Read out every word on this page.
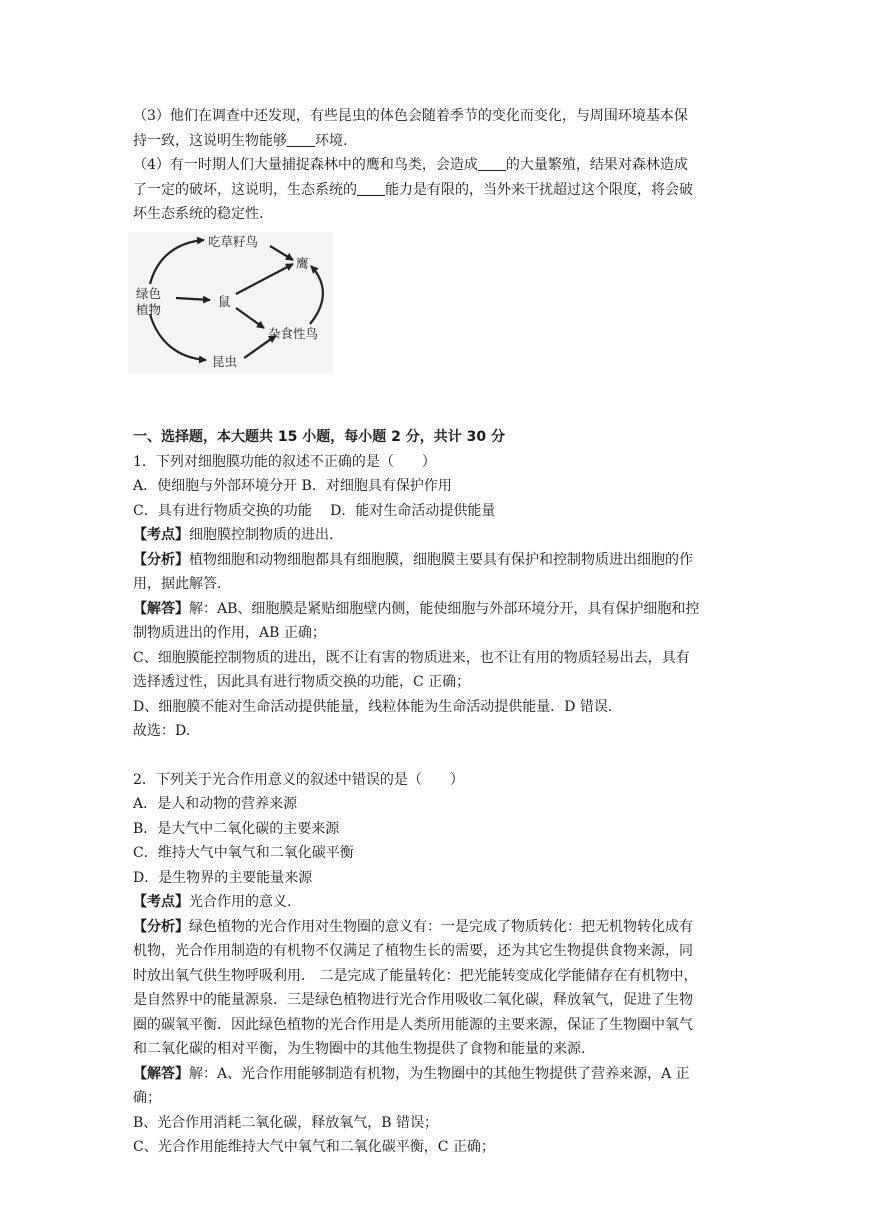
（3）他们在调查中还发现，有些昆虫的体色会随着季节的变化而变化，与周围环境基本保

持一致，这说明生物能够 环境.

（4）有一时期人们大量捕捉森林中的鹰和鸟类，会造成 的大量繁殖，结果对森林造成

了一定的破坏，这说明，生态系统的 能力是有限的，当外来干扰超过这个限度，将会破

坏生态系统的稳定性.

吃草籽鸟
鹰
绿色
植物
鼠
杂食性鸟
昆虫

一、选择题，本大题共 15 小题，每小题 2 分，共计 30 分

1．下列对细胞膜功能的叙述不正确的是（　　）

A．使细胞与外部环境分开 B．对细胞具有保护作用

C．具有进行物质交换的功能　 D．能对生命活动提供能量

【考点】细胞膜控制物质的进出.

【分析】植物细胞和动物细胞都具有细胞膜，细胞膜主要具有保护和控制物质进出细胞的作

用，据此解答.

【解答】解：AB、细胞膜是紧贴细胞壁内侧，能使细胞与外部环境分开，具有保护细胞和控

制物质进出的作用，AB 正确；

C、细胞膜能控制物质的进出，既不让有害的物质进来，也不让有用的物质轻易出去，具有

选择透过性，因此具有进行物质交换的功能，C 正确；

D、细胞膜不能对生命活动提供能量，线粒体能为生命活动提供能量．D 错误.

故选：D.

2．下列关于光合作用意义的叙述中错误的是（　　）

A．是人和动物的营养来源

B．是大气中二氧化碳的主要来源

C．维持大气中氧气和二氧化碳平衡

D．是生物界的主要能量来源

【考点】光合作用的意义.

【分析】绿色植物的光合作用对生物圈的意义有：一是完成了物质转化：把无机物转化成有

机物，光合作用制造的有机物不仅满足了植物生长的需要，还为其它生物提供食物来源，同

时放出氧气供生物呼吸利用． 二是完成了能量转化：把光能转变成化学能储存在有机物中，

是自然界中的能量源泉．三是绿色植物进行光合作用吸收二氧化碳，释放氧气，促进了生物

圈的碳氧平衡．因此绿色植物的光合作用是人类所用能源的主要来源，保证了生物圈中氧气

和二氧化碳的相对平衡，为生物圈中的其他生物提供了食物和能量的来源.

【解答】解：A、光合作用能够制造有机物，为生物圈中的其他生物提供了营养来源，A 正

确；

B、光合作用消耗二氧化碳，释放氧气，B 错误；

C、光合作用能维持大气中氧气和二氧化碳平衡，C 正确；
